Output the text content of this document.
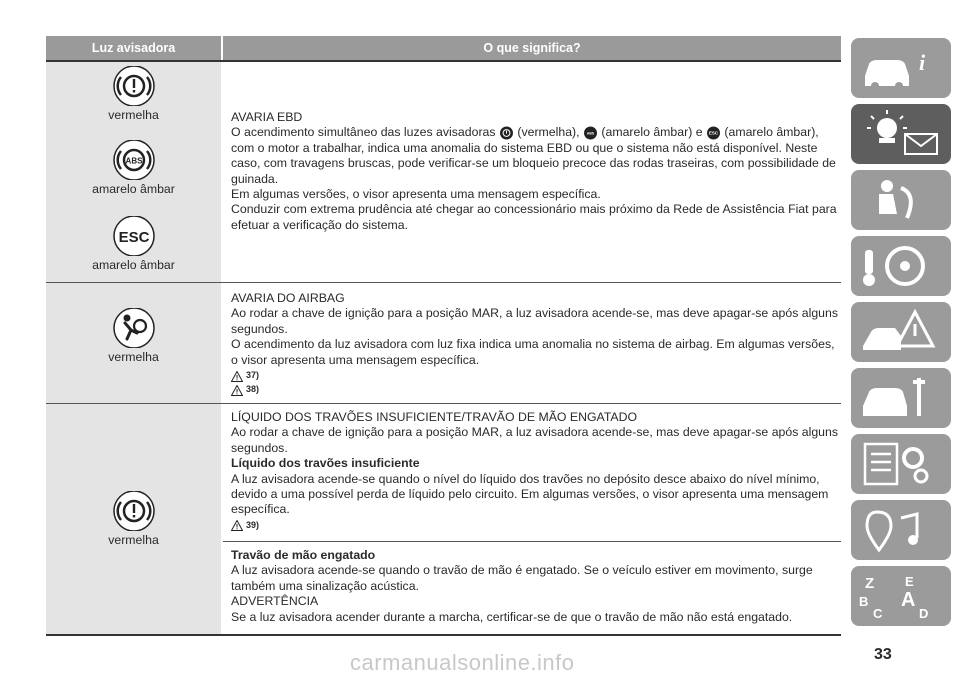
Luz avisadora	O que significa?
vermelha
ABS
amarelo âmbar
ESC
amarelo âmbar

AVARIA EBD

O acendimento simultâneo das luzes avisadoras (vermelha), ABS (amarelo âmbar) e ESC (amarelo âmbar),

com o motor a trabalhar, indica uma anomalia do sistema EBD ou que o sistema não está disponível. Neste caso, com travagens bruscas, pode verificar-se um bloqueio precoce das rodas traseiras, com possibilidade de guinada.

Em algumas versões, o visor apresenta uma mensagem específica.

Conduzir com extrema prudência até chegar ao concessionário mais próximo da Rede de Assistência Fiat para efetuar a verificação do sistema.

vermelha

AVARIA DO AIRBAG

Ao rodar a chave de ignição para a posição MAR, a luz avisadora acende-se, mas deve apagar-se após alguns segundos.

O acendimento da luz avisadora com luz fixa indica uma anomalia no sistema de airbag. Em algumas versões, o visor apresenta uma mensagem específica.

37)
38)
vermelha

LÍQUIDO DOS TRAVÕES INSUFICIENTE/TRAVÃO DE MÃO ENGATADO

Ao rodar a chave de ignição para a posição MAR, a luz avisadora acende-se, mas deve apagar-se após alguns segundos.

Líquido dos travões insuficiente

A luz avisadora acende-se quando o nível do líquido dos travões no depósito desce abaixo do nível mínimo, devido a uma possível perda de líquido pelo circuito. Em algumas versões, o visor apresenta uma mensagem específica.

39)

Travão de mão engatado

A luz avisadora acende-se quando o travão de mão é engatado. Se o veículo estiver em movimento, surge também uma sinalização acústica.

ADVERTÊNCIA

Se a luz avisadora acender durante a marcha, certificar-se de que o travão de mão não está engatado.

i
Z E
B A
C	D
33
carmanualsonline.info
